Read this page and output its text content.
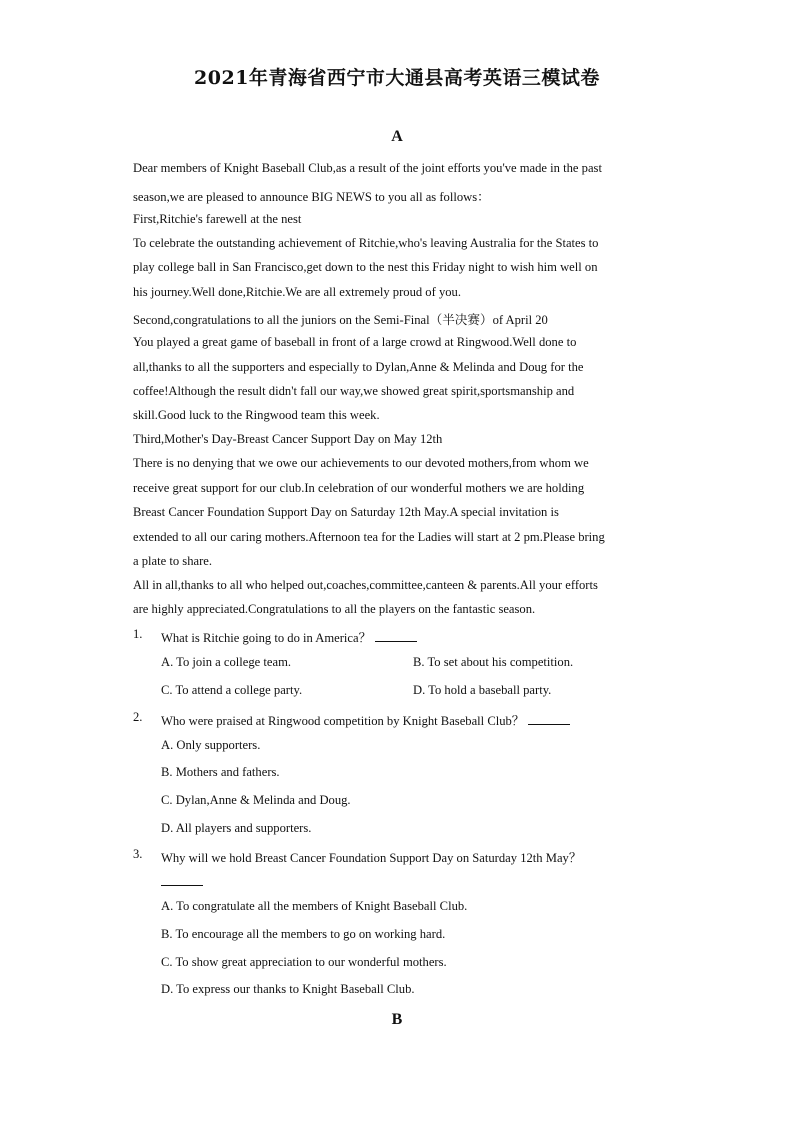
2021年青海省西宁市大通县高考英语三模试卷
A
Dear members of Knight Baseball Club,as a result of the joint efforts you've made in the past
season,we are pleased to announce BIG NEWS to you all as follows：
First,Ritchie's farewell at the nest
To celebrate the outstanding achievement of Ritchie,who's leaving Australia for the States to
play college ball in San Francisco,get down to the nest this Friday night to wish him well on
his journey.Well done,Ritchie.We are all extremely proud of you.
Second,congratulations to all the juniors on the Semi-Final（半决赛）of April 20
You played a great game of baseball in front of a large crowd at Ringwood.Well done to
all,thanks to all the supporters and especially to Dylan,Anne & Melinda and Doug for the
coffee!Although the result didn't fall our way,we showed great spirit,sportsmanship and
skill.Good luck to the Ringwood team this week.
Third,Mother's Day-Breast Cancer Support Day on May 12th
There is no denying that we owe our achievements to our devoted mothers,from whom we
receive great support for our club.In celebration of our wonderful mothers we are holding
Breast Cancer Foundation Support Day on Saturday 12th May.A special invitation is
extended to all our caring mothers.Afternoon tea for the Ladies will start at 2 pm.Please bring
a plate to share.
All in all,thanks to all who helped out,coaches,committee,canteen & parents.All your efforts
are highly appreciated.Congratulations to all the players on the fantastic season.
1. What is Ritchie going to do in America？
A. To join a college team.	B. To set about his competition.
C. To attend a college party.	D. To hold a baseball party.
2. Who were praised at Ringwood competition by Knight Baseball Club？
A. Only supporters.
B. Mothers and fathers.
C. Dylan,Anne & Melinda and Doug.
D. All players and supporters.
3. Why will we hold Breast Cancer Foundation Support Day on Saturday 12th May？
A. To congratulate all the members of Knight Baseball Club.
B. To encourage all the members to go on working hard.
C. To show great appreciation to our wonderful mothers.
D. To express our thanks to Knight Baseball Club.
B
